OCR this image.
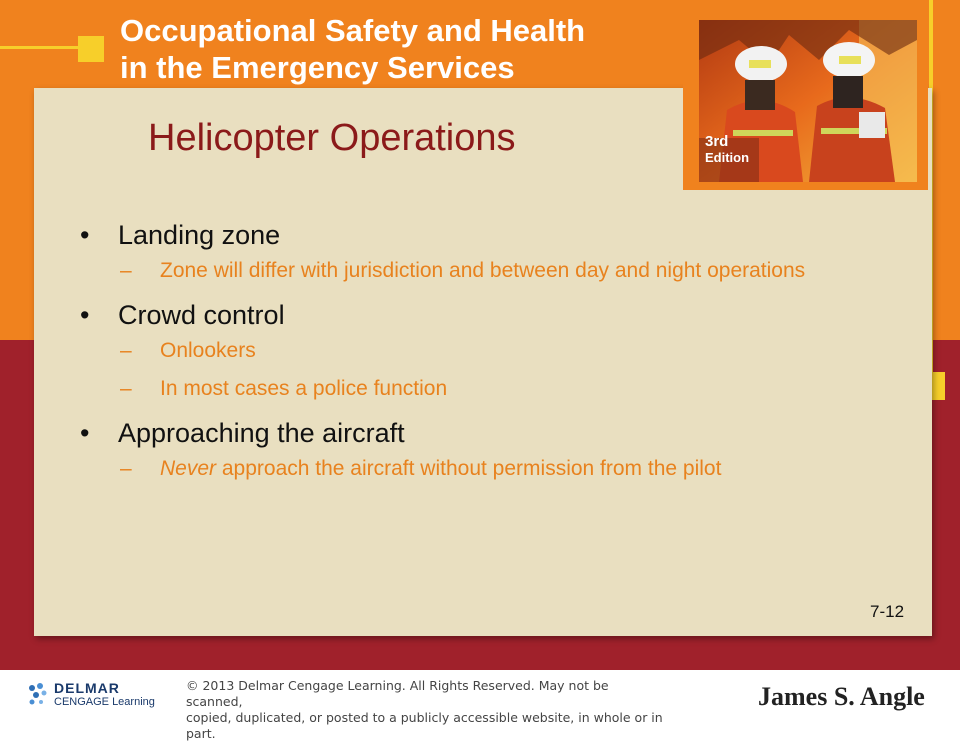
Occupational Safety and Health
in the Emergency Services
3rd
Edition
Helicopter Operations
• Landing zone
– Zone will differ with jurisdiction and between day and night operations
• Crowd control
– Onlookers
– In most cases a police function
• Approaching the aircraft
– Never approach the aircraft without permission from the pilot
7-12
DELMAR
CENGAGE Learning
© 2013 Delmar Cengage Learning. All Rights Reserved. May not be scanned,
copied, duplicated, or posted to a publicly accessible website, in whole or in part.
James S. Angle
